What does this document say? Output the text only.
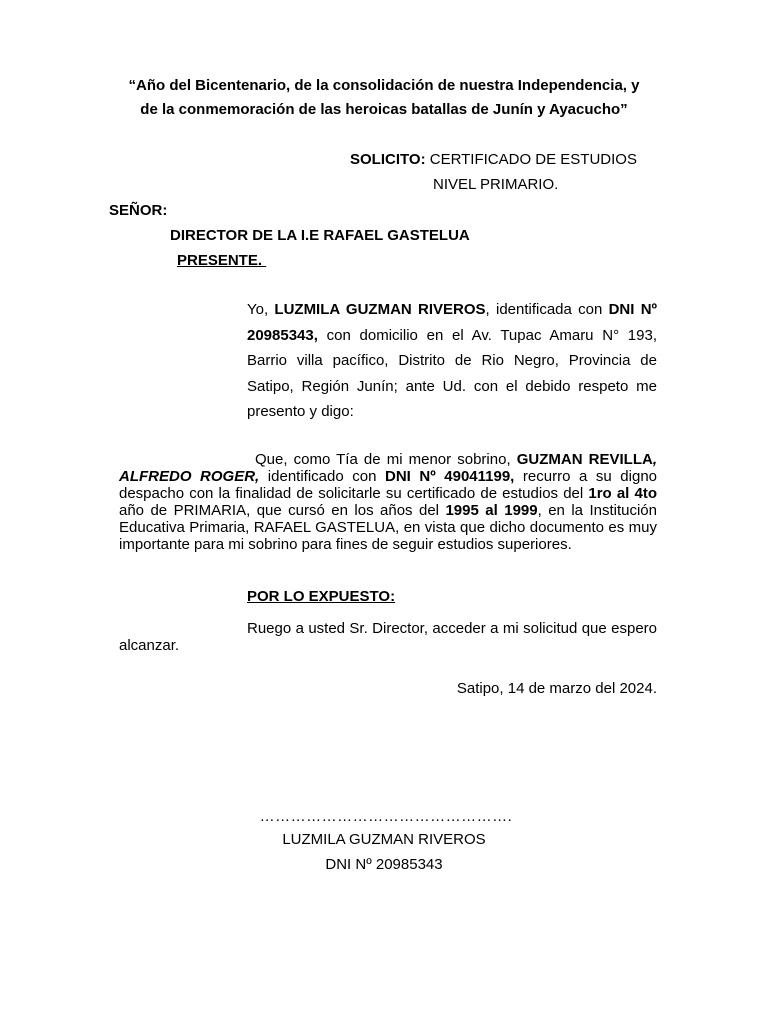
“Año del Bicentenario, de la consolidación de nuestra Independencia, y
de la conmemoración de las heroicas batallas de Junín y Ayacucho”
SOLICITO: CERTIFICADO DE ESTUDIOS
NIVEL PRIMARIO.
SEÑOR:
DIRECTOR DE LA I.E RAFAEL GASTELUA
PRESENTE.
Yo, LUZMILA GUZMAN RIVEROS, identificada con DNI Nº 20985343, con domicilio en el Av. Tupac Amaru N° 193, Barrio villa pacífico, Distrito de Rio Negro, Provincia de Satipo, Región Junín; ante Ud. con el debido respeto me presento y digo:
Que, como Tía de mi menor sobrino, GUZMAN REVILLA, ALFREDO ROGER, identificado con DNI Nº 49041199, recurro a su digno despacho con la finalidad de solicitarle su certificado de estudios del 1ro al 4to año de PRIMARIA, que cursó en los años del 1995 al 1999, en la Institución Educativa Primaria, RAFAEL GASTELUA, en vista que dicho documento es muy importante para mi sobrino para fines de seguir estudios superiores.
POR LO EXPUESTO:
Ruego a usted Sr. Director, acceder a mi solicitud que espero alcanzar.
Satipo, 14 de marzo del 2024.
………………………………………….
LUZMILA GUZMAN RIVEROS
DNI Nº 20985343
